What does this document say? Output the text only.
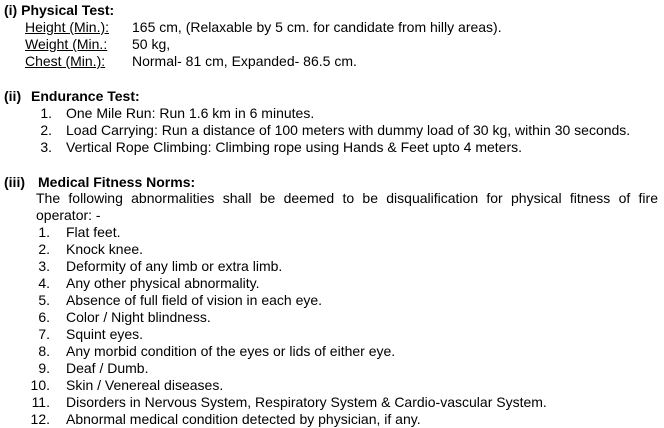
(i) Physical Test:
Height (Min.): 165 cm, (Relaxable by 5 cm. for candidate from hilly areas).
Weight (Min.: 50 kg,
Chest (Min.): Normal- 81 cm, Expanded- 86.5 cm.
(ii) Endurance Test:
1. One Mile Run: Run 1.6 km in 6 minutes.
2. Load Carrying: Run a distance of 100 meters with dummy load of 30 kg, within 30 seconds.
3. Vertical Rope Climbing: Climbing rope using Hands & Feet upto 4 meters.
(iii) Medical Fitness Norms:
The following abnormalities shall be deemed to be disqualification for physical fitness of fire
operator: -
1. Flat feet.
2. Knock knee.
3. Deformity of any limb or extra limb.
4. Any other physical abnormality.
5. Absence of full field of vision in each eye.
6. Color / Night blindness.
7. Squint eyes.
8. Any morbid condition of the eyes or lids of either eye.
9. Deaf / Dumb.
10. Skin / Venereal diseases.
11. Disorders in Nervous System, Respiratory System & Cardio-vascular System.
12. Abnormal medical condition detected by physician, if any.
